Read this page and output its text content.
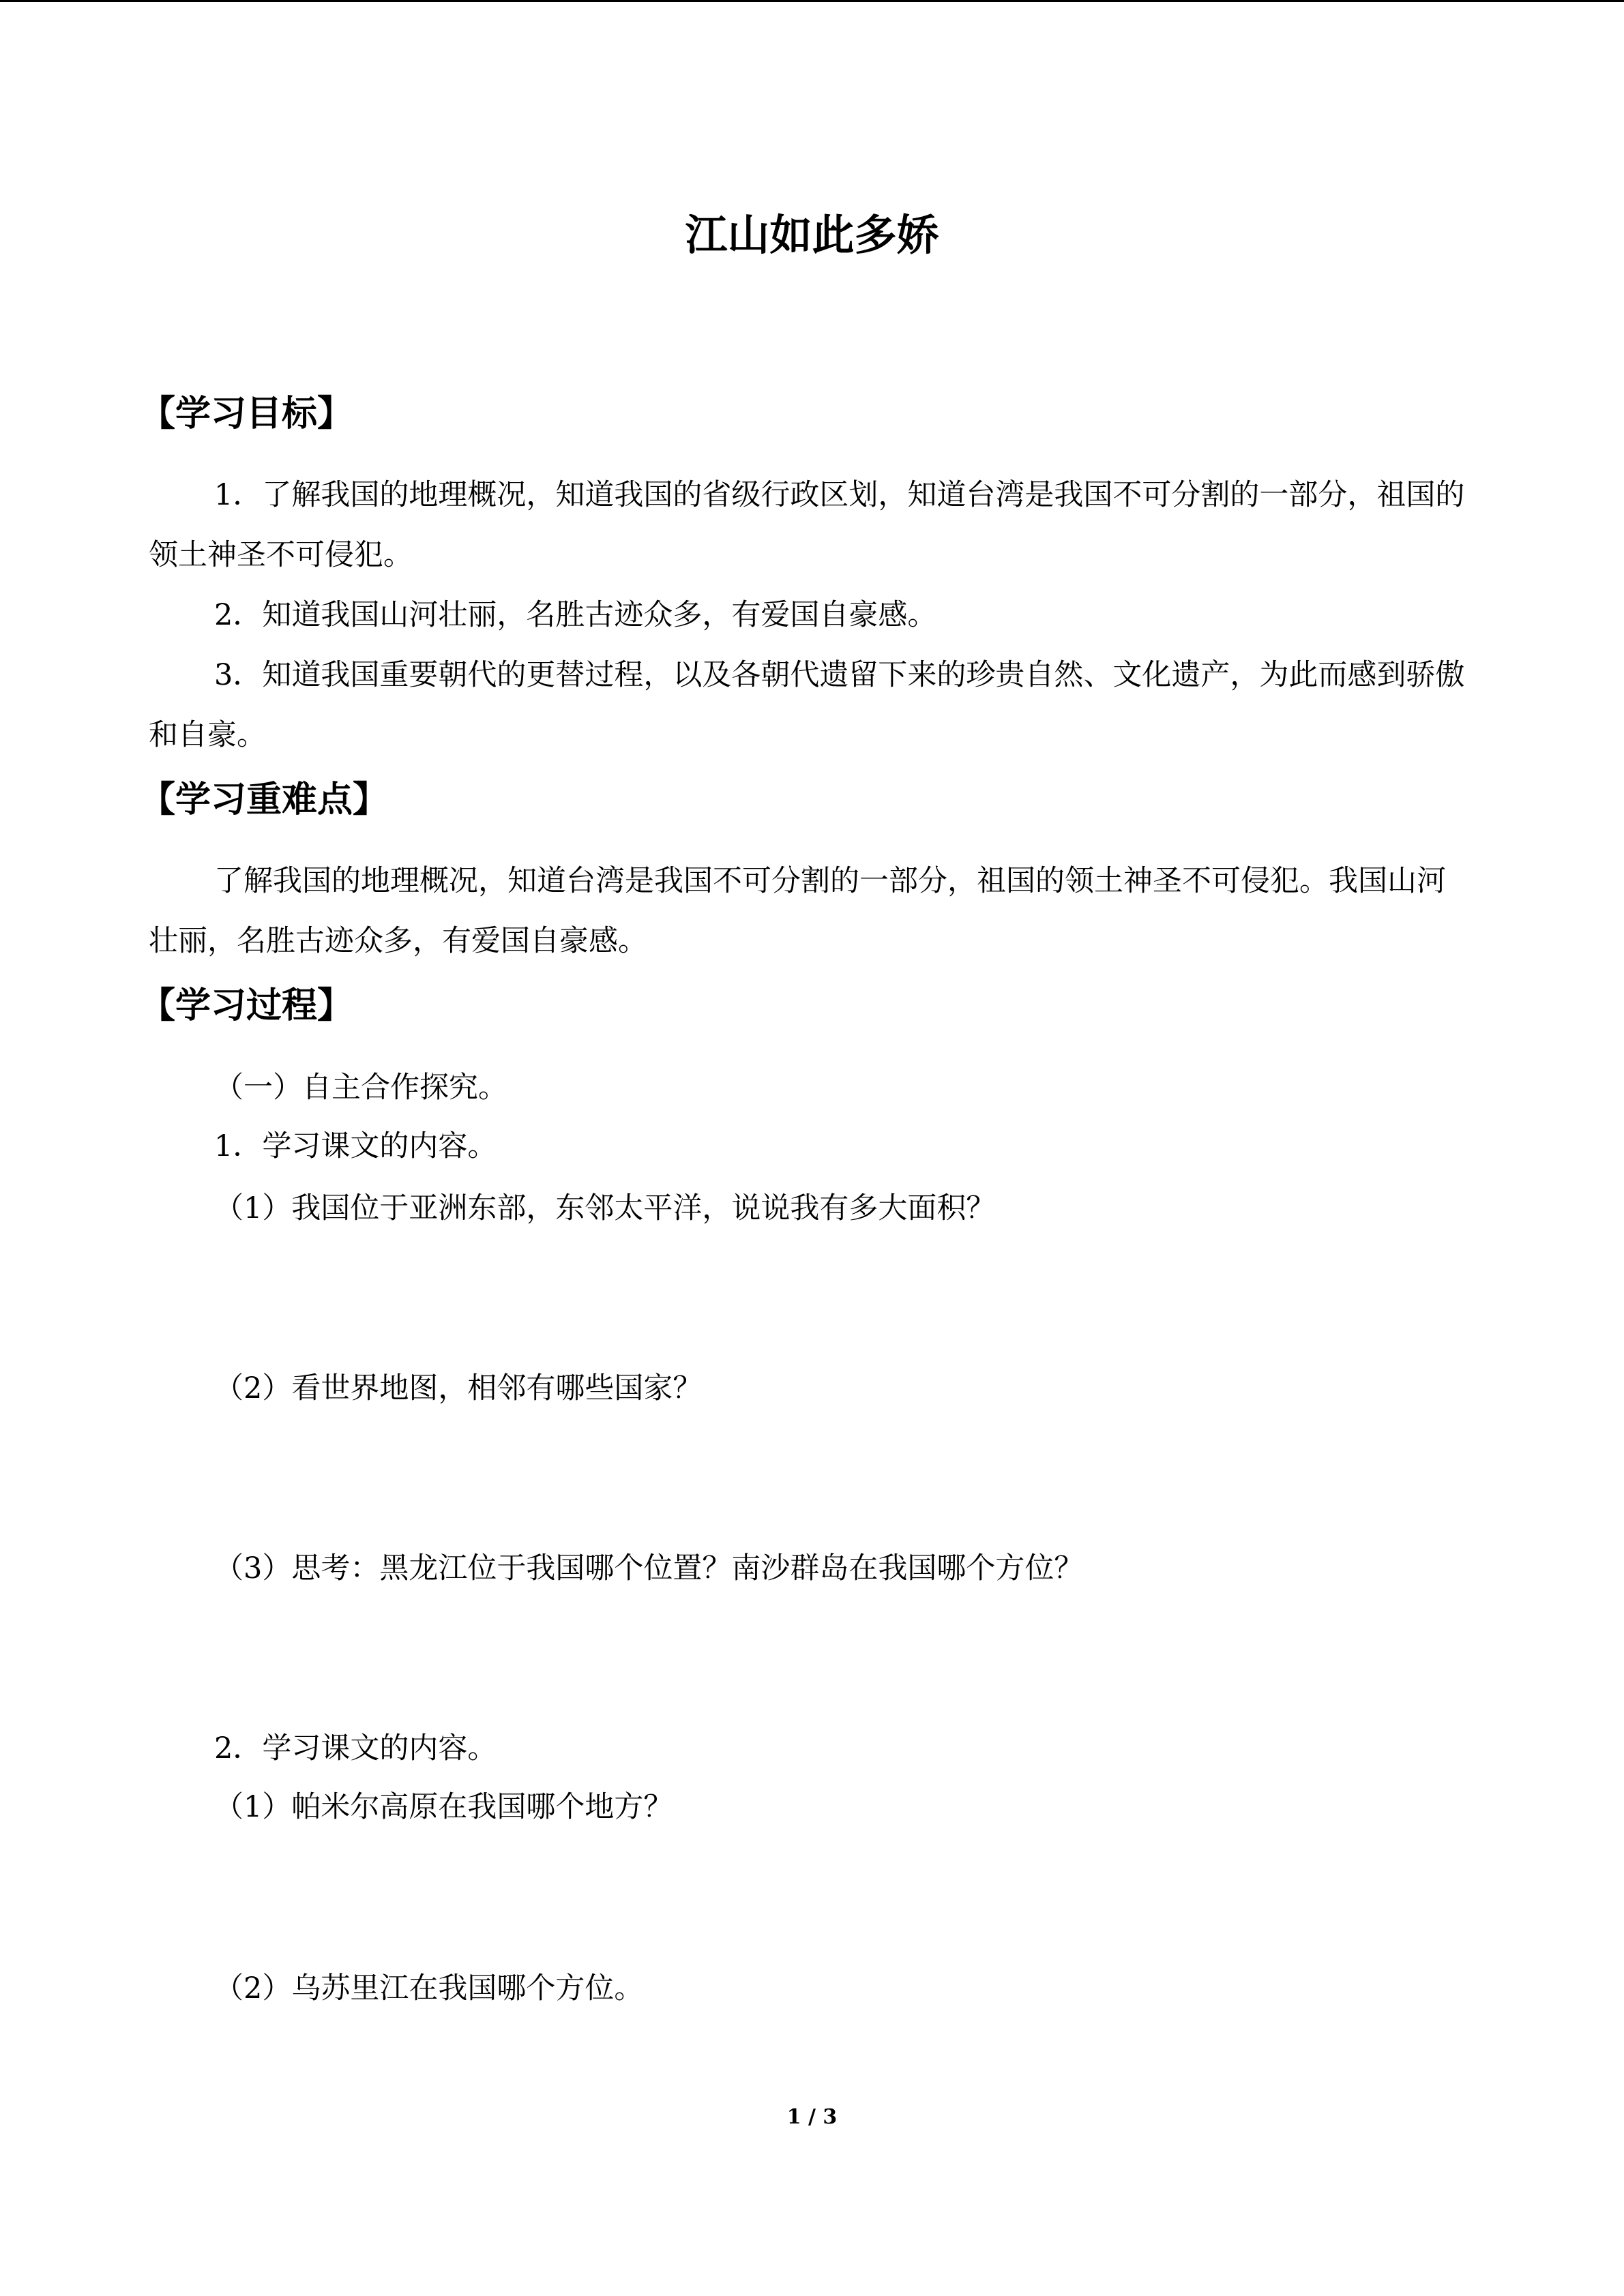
江山如此多娇
【学习目标】
1．了解我国的地理概况，知道我国的省级行政区划，知道台湾是我国不可分割的一部分，祖国的领土神圣不可侵犯。
2．知道我国山河壮丽，名胜古迹众多，有爱国自豪感。
3．知道我国重要朝代的更替过程，以及各朝代遗留下来的珍贵自然、文化遗产，为此而感到骄傲和自豪。
【学习重难点】
了解我国的地理概况，知道台湾是我国不可分割的一部分，祖国的领土神圣不可侵犯。我国山河壮丽，名胜古迹众多，有爱国自豪感。
【学习过程】
（一）自主合作探究。
1．学习课文的内容。
（1）我国位于亚洲东部，东邻太平洋，说说我有多大面积？
（2）看世界地图，相邻有哪些国家？
（3）思考：黑龙江位于我国哪个位置？南沙群岛在我国哪个方位？
2．学习课文的内容。
（1）帕米尔高原在我国哪个地方？
（2）乌苏里江在我国哪个方位。
1 / 3
